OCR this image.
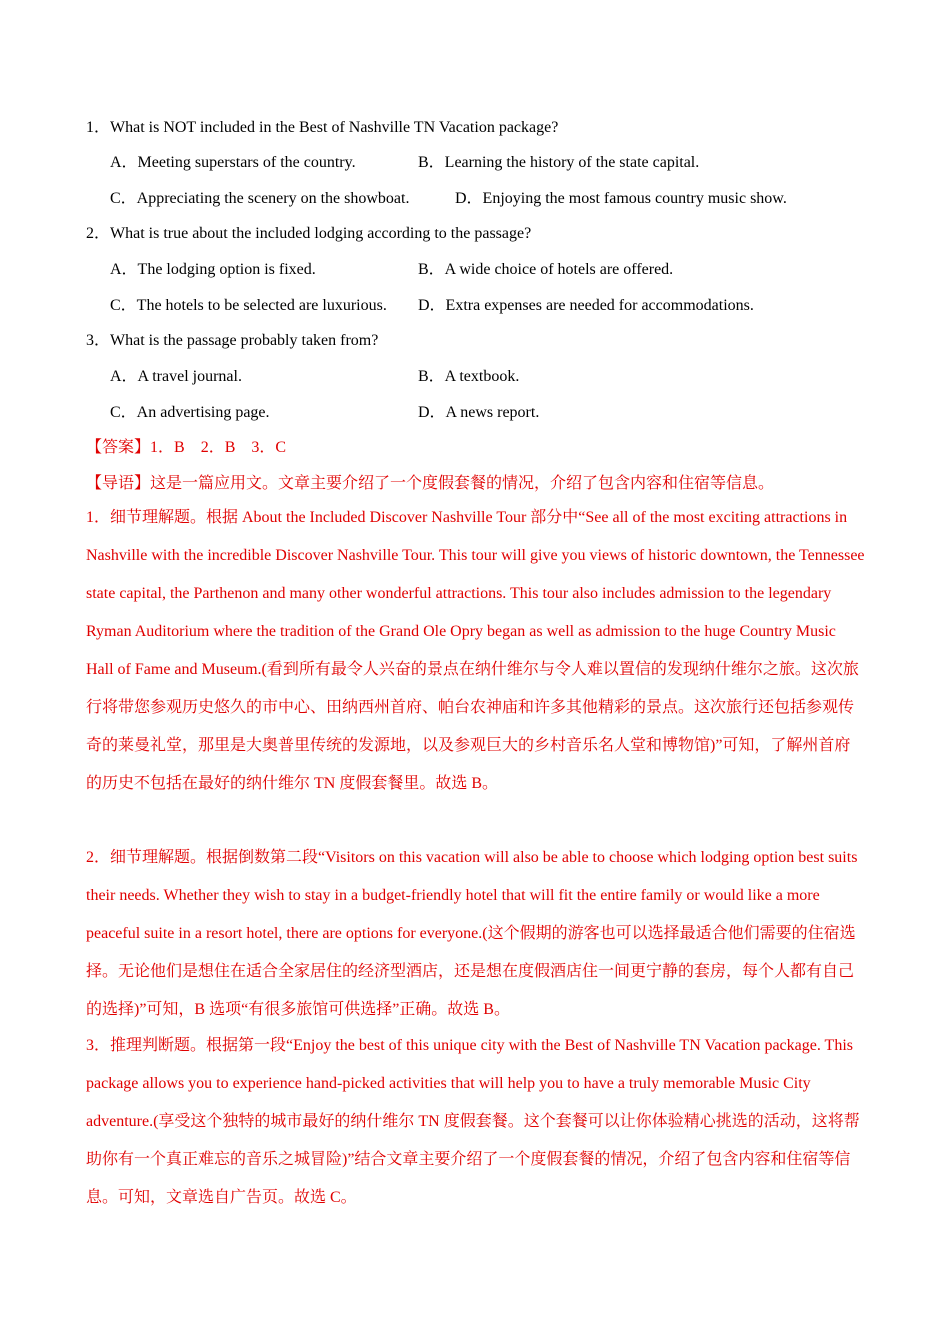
1．What is NOT included in the Best of Nashville TN Vacation package?
A．Meeting superstars of the country.	B．Learning the history of the state capital.
C．Appreciating the scenery on the showboat.	D．Enjoying the most famous country music show.
2．What is true about the included lodging according to the passage?
A．The lodging option is fixed.	B．A wide choice of hotels are offered.
C．The hotels to be selected are luxurious. D．Extra expenses are needed for accommodations.
3．What is the passage probably taken from?
A．A travel journal.	B．A textbook.
C．An advertising page.	D．A news report.
【答案】1．B　2．B　3．C
【导语】这是一篇应用文。文章主要介绍了一个度假套餐的情况，介绍了包含内容和住宿等信息。
1．细节理解题。根据 About the Included Discover Nashville Tour 部分中“See all of the most exciting attractions in Nashville with the incredible Discover Nashville Tour. This tour will give you views of historic downtown, the Tennessee state capital, the Parthenon and many other wonderful attractions. This tour also includes admission to the legendary Ryman Auditorium where the tradition of the Grand Ole Opry began as well as admission to the huge Country Music Hall of Fame and Museum.(看到所有最令人兴奋的景点在纳什维尔与令人难以置信的发现纳什维尔之旅。这次旅行将带您参观历史悠久的市中心、田纳西州首府、帕台农神庙和许多其他精彩的景点。这次旅行还包括参观传奇的莱曼礼堂，那里是大奥普里传统的发源地，以及参观巨大的乡村音乐名人堂和博物馆)”可知，了解州首府的历史不包括在最好的纳什维尔 TN 度假套餐里。故选 B。
2．细节理解题。根据倒数第二段“Visitors on this vacation will also be able to choose which lodging option best suits their needs. Whether they wish to stay in a budget-friendly hotel that will fit the entire family or would like a more peaceful suite in a resort hotel, there are options for everyone.(这个假期的游客也可以选择最适合他们需要的住宿选择。无论他们是想住在适合全家居住的经济型酒店，还是想在度假酒店住一间更宁静的套房，每个人都有自己的选择)”可知，B 选项“有很多旅馆可供选择”正确。故选 B。
3．推理判断题。根据第一段“Enjoy the best of this unique city with the Best of Nashville TN Vacation package. This package allows you to experience hand-picked activities that will help you to have a truly memorable Music City adventure.(享受这个独特的城市最好的纳什维尔 TN 度假套餐。这个套餐可以让你体验精心挑选的活动，这将帮助你有一个真正难忘的音乐之城冒险)”结合文章主要介绍了一个度假套餐的情况，介绍了包含内容和住宿等信息。可知，文章选自广告页。故选 C。
